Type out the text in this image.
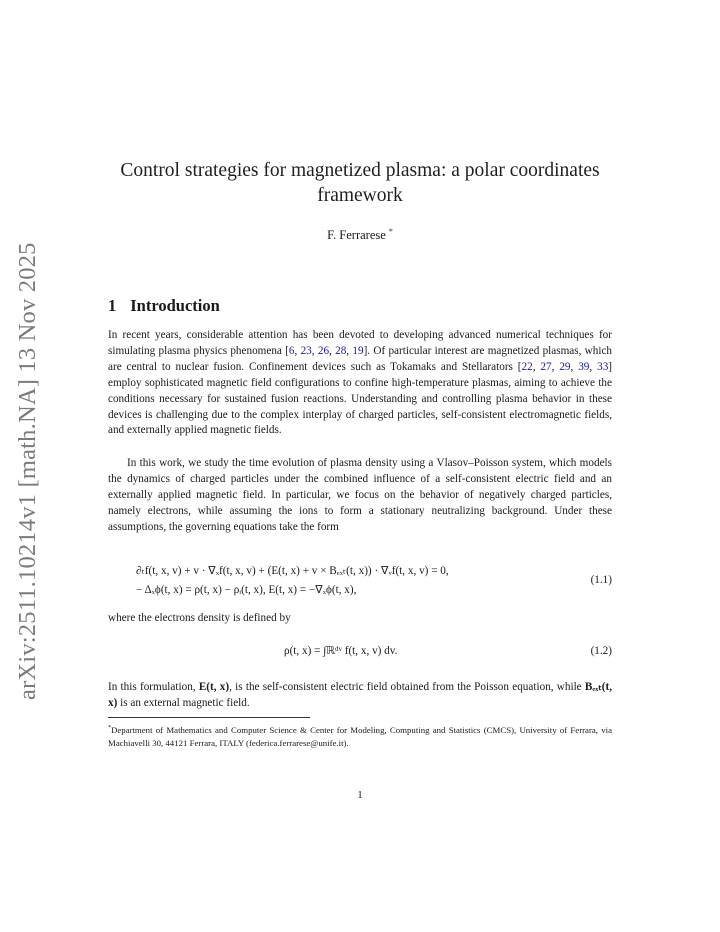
arXiv:2511.10214v1 [math.NA] 13 Nov 2025
Control strategies for magnetized plasma: a polar coordinates framework
F. Ferrarese *
1 Introduction

In recent years, considerable attention has been devoted to developing advanced numerical techniques for simulating plasma physics phenomena [6, 23, 26, 28, 19]. Of particular interest are magnetized plasmas, which are central to nuclear fusion. Confinement devices such as Tokamaks and Stellarators [22, 27, 29, 39, 33] employ sophisticated magnetic field configurations to confine high-temperature plasmas, aiming to achieve the conditions necessary for sustained fusion reactions. Understanding and controlling plasma behavior in these devices is challenging due to the complex interplay of charged particles, self-consistent electromagnetic fields, and externally applied magnetic fields.

In this work, we study the time evolution of plasma density using a Vlasov–Poisson system, which models the dynamics of charged particles under the combined influence of a self-consistent electric field and an externally applied magnetic field. In particular, we focus on the behavior of negatively charged particles, namely electrons, while assuming the ions to form a stationary neutralizing background. Under these assumptions, the governing equations take the form

∂ₜf(t, x, v) + v · ∇ₓf(t, x, v) + (E(t, x) + v × Bₑₓₜ(t, x)) · ∇ᵥf(t, x, v) = 0,
− Δₓϕ(t, x) = ρ(t, x) − ρᵢ(t, x), E(t, x) = −∇ₓϕ(t, x),
(1.1)

where the electrons density is defined by

ρ(t, x) = ∫ℝᵈᵛ f(t, x, v) dv.	(1.2)

In this formulation, E(t, x), is the self-consistent electric field obtained from the Poisson equation, while Bₑₓₜ(t, x) is an external magnetic field.

*Department of Mathematics and Computer Science & Center for Modeling, Computing and Statistics (CMCS), University of Ferrara, via Machiavelli 30, 44121 Ferrara, ITALY (federica.ferrarese@unife.it).
1
